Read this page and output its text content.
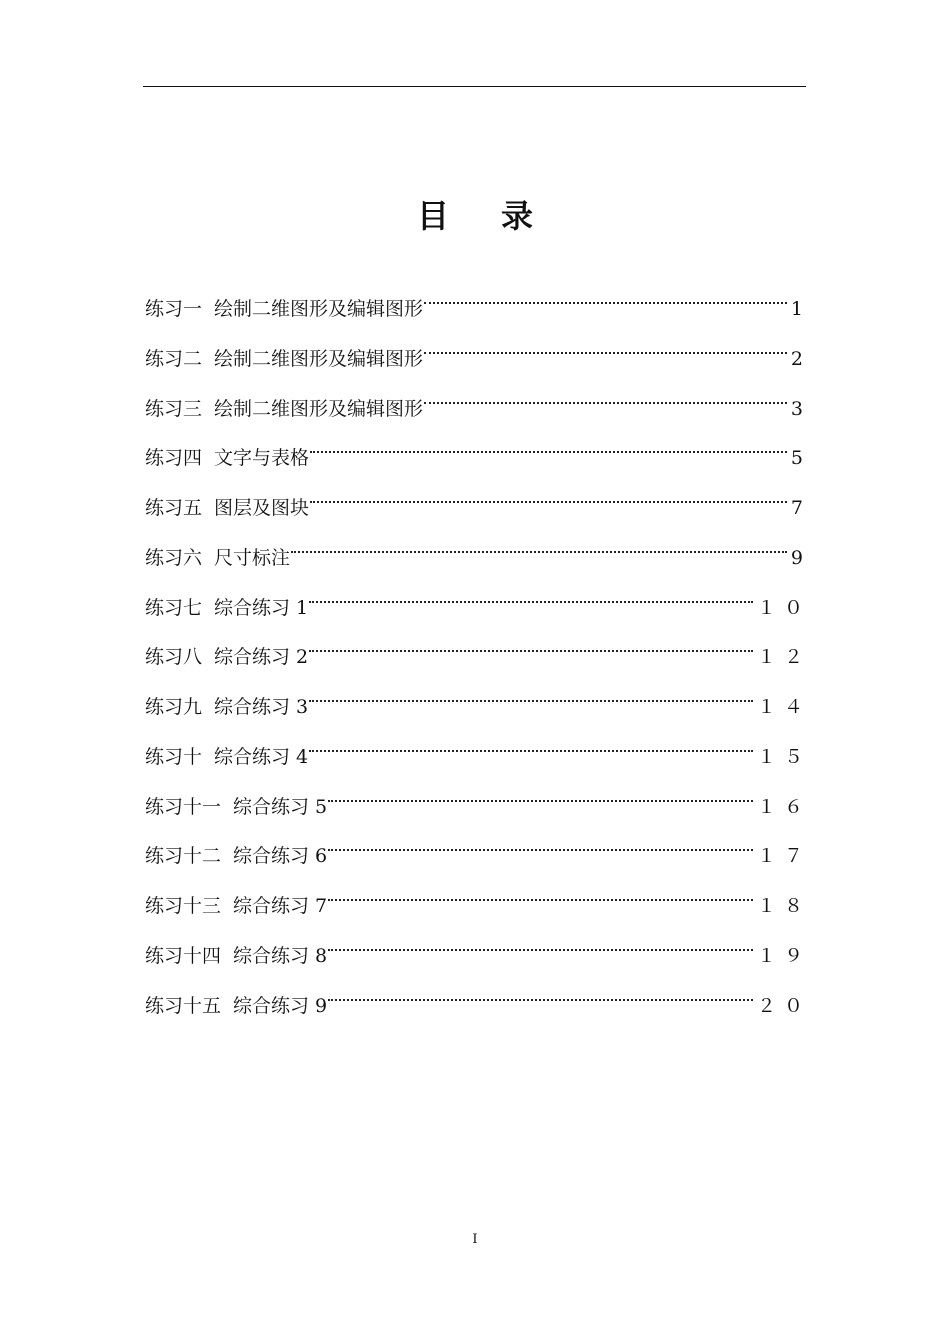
目 录
练习一 绘制二维图形及编辑图形	1
练习二 绘制二维图形及编辑图形	2
练习三 绘制二维图形及编辑图形	3
练习四 文字与表格	5
练习五 图层及图块	7
练习六 尺寸标注	9
练习七 综合练习 1	１０
练习八 综合练习 2	１２
练习九 综合练习 3	１４
练习十 综合练习 4	１５
练习十一 综合练习 5	１６
练习十二 综合练习 6	１７
练习十三 综合练习 7	１８
练习十四 综合练习 8	１９
练习十五 综合练习 9	２０
I
